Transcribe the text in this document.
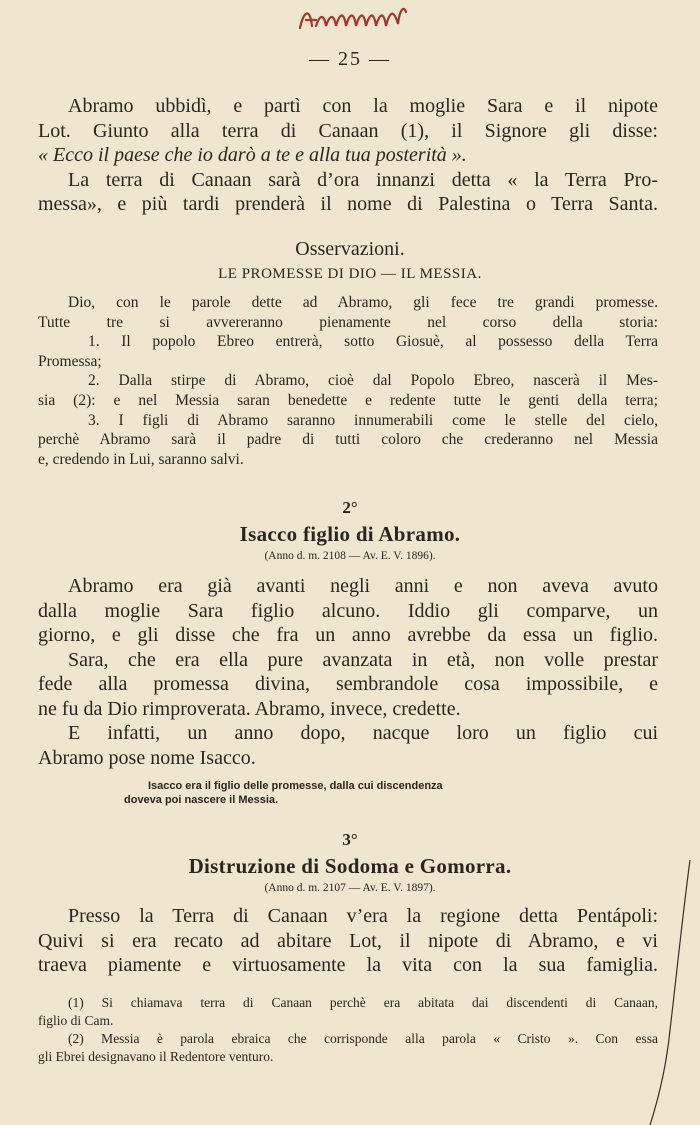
— 25 —
Abramo ubbidì, e partì con la moglie Sara e il nipote
Lot. Giunto alla terra di Canaan (1), il Signore gli disse:
« Ecco il paese che io darò a te e alla tua posterità ».
La terra di Canaan sarà d’ora innanzi detta « la Terra Pro-
messa», e più tardi prenderà il nome di Palestina o Terra Santa.
Osservazioni.
LE PROMESSE DI DIO — IL MESSIA.
Dio, con le parole dette ad Abramo, gli fece tre grandi promesse.
Tutte tre si avvereranno pienamente nel corso della storia:
1. Il popolo Ebreo entrerà, sotto Giosuè, al possesso della Terra
Promessa;
2. Dalla stirpe di Abramo, cioè dal Popolo Ebreo, nascerà il Mes-
sia (2): e nel Messia saran benedette e redente tutte le genti della terra;
3. I figli di Abramo saranno innumerabili come le stelle del cielo,
perchè Abramo sarà il padre di tutti coloro che crederanno nel Messia
e, credendo in Lui, saranno salvi.
2°
Isacco figlio di Abramo.
(Anno d. m. 2108 — Av. E. V. 1896).
Abramo era già avanti negli anni e non aveva avuto
dalla moglie Sara figlio alcuno. Iddio gli comparve, un
giorno, e gli disse che fra un anno avrebbe da essa un figlio.
Sara, che era ella pure avanzata in età, non volle prestar
fede alla promessa divina, sembrandole cosa impossibile, e
ne fu da Dio rimproverata. Abramo, invece, credette.
E infatti, un anno dopo, nacque loro un figlio cui
Abramo pose nome Isacco.
Isacco era il figlio delle promesse, dalla cui discendenza
doveva poi nascere il Messia.
3°
Distruzione di Sodoma e Gomorra.
(Anno d. m. 2107 — Av. E. V. 1897).
Presso la Terra di Canaan v’era la regione detta Pentápoli:
Quivi si era recato ad abitare Lot, il nipote di Abramo, e vi
traeva piamente e virtuosamente la vita con la sua famiglia.
(1) Si chiamava terra di Canaan perchè era abitata dai discendenti di Canaan,
figlio di Cam.
(2) Messia è parola ebraica che corrisponde alla parola « Cristo ». Con essa
gli Ebrei designavano il Redentore venturo.
